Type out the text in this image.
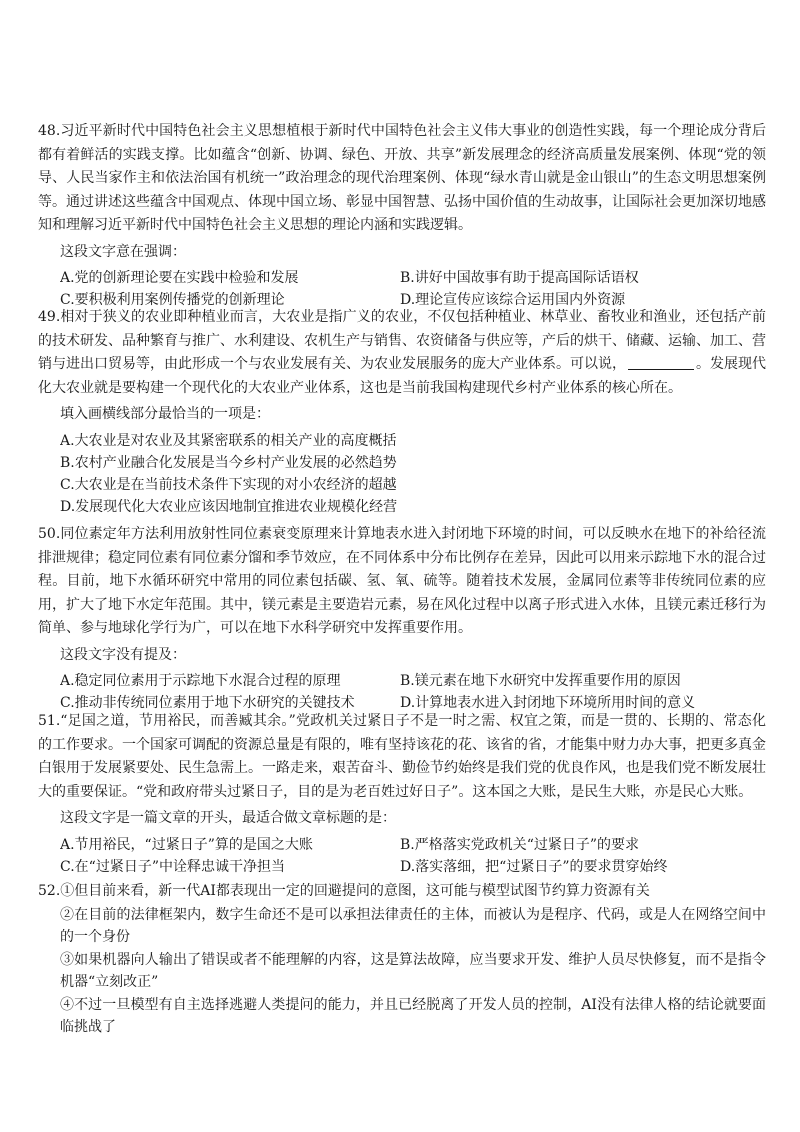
48.习近平新时代中国特色社会主义思想植根于新时代中国特色社会主义伟大事业的创造性实践，每一个理论成分背后都有着鲜活的实践支撑。比如蕴含“创新、协调、绿色、开放、共享”新发展理念的经济高质量发展案例、体现“党的领导、人民当家作主和依法治国有机统一”政治理念的现代治理案例、体现“绿水青山就是金山银山”的生态文明思想案例等。通过讲述这些蕴含中国观点、体现中国立场、彰显中国智慧、弘扬中国价值的生动故事，让国际社会更加深切地感知和理解习近平新时代中国特色社会主义思想的理论内涵和实践逻辑。

这段文字意在强调：
A.党的创新理论要在实践中检验和发展	B.讲好中国故事有助于提高国际话语权
C.要积极利用案例传播党的创新理论	D.理论宣传应该综合运用国内外资源

49.相对于狭义的农业即种植业而言，大农业是指广义的农业，不仅包括种植业、林草业、畜牧业和渔业，还包括产前的技术研发、品种繁育与推广、水利建设、农机生产与销售、农资储备与供应等，产后的烘干、储藏、运输、加工、营销与进出口贸易等，由此形成一个与农业发展有关、为农业发展服务的庞大产业体系。可以说，	。发展现代化大农业就是要构建一个现代化的大农业产业体系，这也是当前我国构建现代乡村产业体系的核心所在。

填入画横线部分最恰当的一项是：
A.大农业是对农业及其紧密联系的相关产业的高度概括
B.农村产业融合化发展是当今乡村产业发展的必然趋势
C.大农业是在当前技术条件下实现的对小农经济的超越
D.发展现代化大农业应该因地制宜推进农业规模化经营

50.同位素定年方法利用放射性同位素衰变原理来计算地表水进入封闭地下环境的时间，可以反映水在地下的补给径流排泄规律；稳定同位素有同位素分馏和季节效应，在不同体系中分布比例存在差异，因此可以用来示踪地下水的混合过程。目前，地下水循环研究中常用的同位素包括碳、氢、氧、硫等。随着技术发展，金属同位素等非传统同位素的应用，扩大了地下水定年范围。其中，镁元素是主要造岩元素，易在风化过程中以离子形式进入水体，且镁元素迁移行为简单、参与地球化学行为广，可以在地下水科学研究中发挥重要作用。

这段文字没有提及：
A.稳定同位素用于示踪地下水混合过程的原理	B.镁元素在地下水研究中发挥重要作用的原因
C.推动非传统同位素用于地下水研究的关键技术	D.计算地表水进入封闭地下环境所用时间的意义

51.“足国之道，节用裕民，而善臧其余。”党政机关过紧日子不是一时之需、权宜之策，而是一贯的、长期的、常态化的工作要求。一个国家可调配的资源总量是有限的，唯有坚持该花的花、该省的省，才能集中财力办大事，把更多真金白银用于发展紧要处、民生急需上。一路走来，艰苦奋斗、勤俭节约始终是我们党的优良作风，也是我们党不断发展壮大的重要保证。“党和政府带头过紧日子，目的是为老百姓过好日子”。这本国之大账，是民生大账，亦是民心大账。

这段文字是一篇文章的开头，最适合做文章标题的是：
A.节用裕民，“过紧日子”算的是国之大账	B.严格落实党政机关“过紧日子”的要求
C.在“过紧日子”中诠释忠诚干净担当	D.落实落细，把“过紧日子”的要求贯穿始终

52.①但目前来看，新一代AI都表现出一定的回避提问的意图，这可能与模型试图节约算力资源有关

②在目前的法律框架内，数字生命还不是可以承担法律责任的主体，而被认为是程序、代码，或是人在网络空间中的一个身份

③如果机器向人输出了错误或者不能理解的内容，这是算法故障，应当要求开发、维护人员尽快修复，而不是指令机器“立刻改正”

④不过一旦模型有自主选择逃避人类提问的能力，并且已经脱离了开发人员的控制，AI没有法律人格的结论就要面临挑战了
